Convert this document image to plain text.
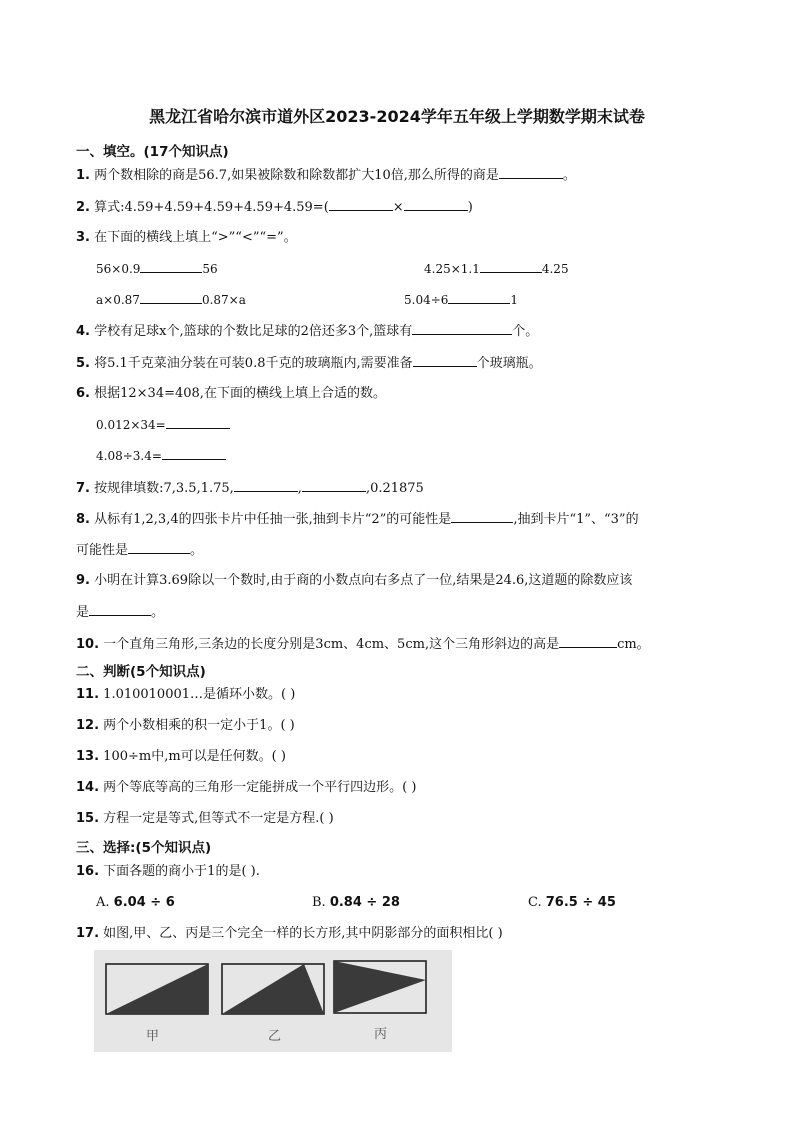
黑龙江省哈尔滨市道外区2023-2024学年五年级上学期数学期末试卷
一、填空。(17个知识点)
1. 两个数相除的商是56.7,如果被除数和除数都扩大10倍,那么所得的商是	。
2. 算式:4.59+4.59+4.59+4.59+4.59=(	×	)
3. 在下面的横线上填上“>”“<”“=”。
56×0.9	56	4.25×1.1	4.25
a×0.87	0.87×a	5.04÷6	1
4. 学校有足球x个,篮球的个数比足球的2倍还多3个,篮球有	个。
5. 将5.1千克菜油分装在可装0.8千克的玻璃瓶内,需要准备	个玻璃瓶。
6. 根据12×34=408,在下面的横线上填上合适的数。
0.012×34=
4.08÷3.4=
7. 按规律填数:7,3.5,1.75,	,	,0.21875
8. 从标有1,2,3,4的四张卡片中任抽一张,抽到卡片“2”的可能性是	,抽到卡片“1”、“3”的
可能性是	。
9. 小明在计算3.69除以一个数时,由于商的小数点向右多点了一位,结果是24.6,这道题的除数应该
是	。
10. 一个直角三角形,三条边的长度分别是3cm、4cm、5cm,这个三角形斜边的高是	cm。
二、判断(5个知识点)
11. 1.010010001…是循环小数。( )
12. 两个小数相乘的积一定小于1。( )
13. 100÷m中,m可以是任何数。( )
14. 两个等底等高的三角形一定能拼成一个平行四边形。( )
15. 方程一定是等式,但等式不一定是方程.( )
三、选择:(5个知识点)
16. 下面各题的商小于1的是( ).
A. 6.04 ÷ 6	B. 0.84 ÷ 28	C. 76.5 ÷ 45
17. 如图,甲、乙、丙是三个完全一样的长方形,其中阴影部分的面积相比( )
甲	乙	丙
